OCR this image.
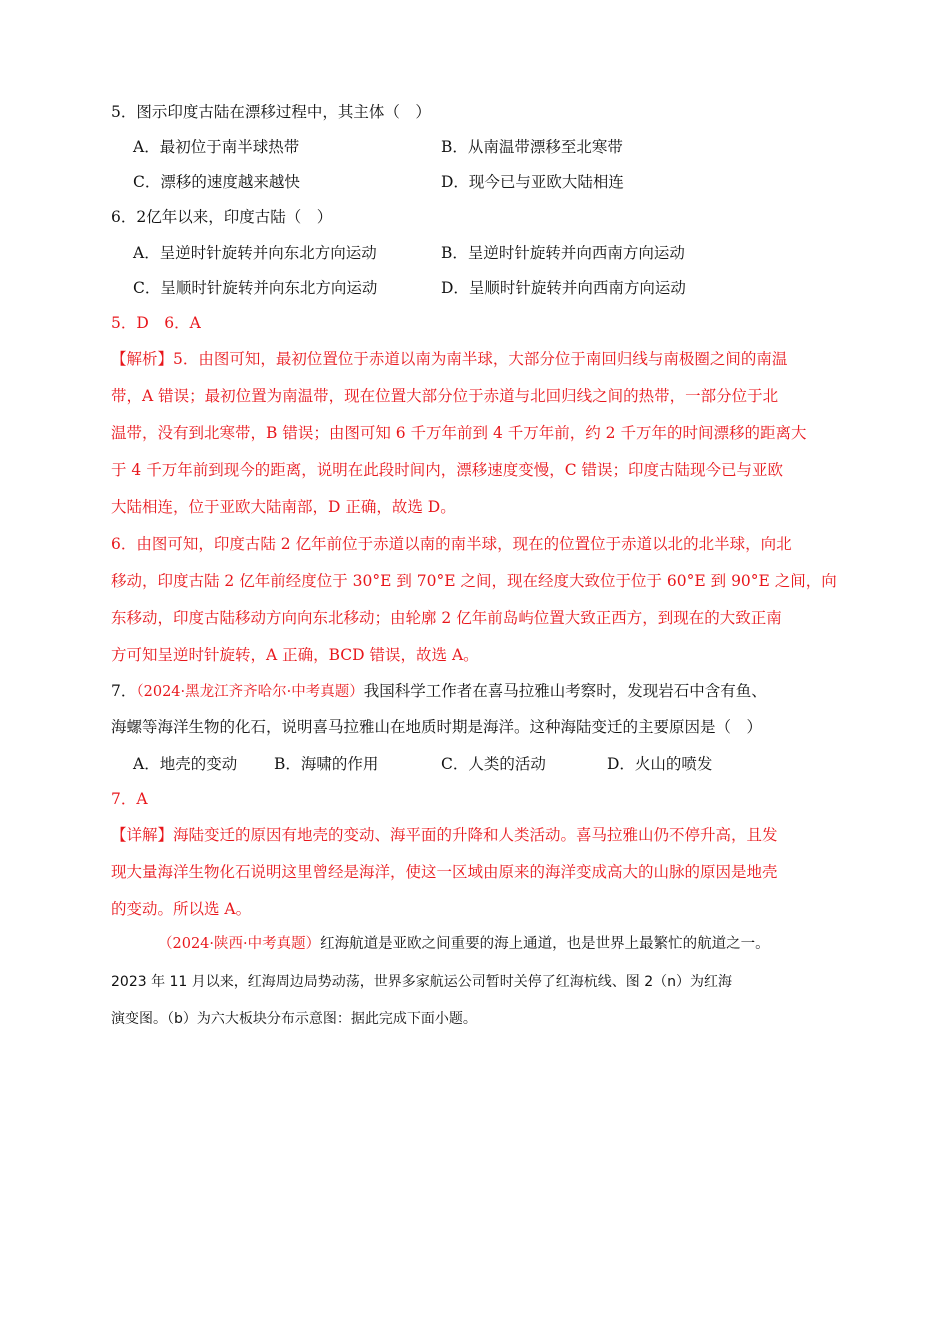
5．图示印度古陆在漂移过程中，其主体（　）
A．最初位于南半球热带	B．从南温带漂移至北寒带
C．漂移的速度越来越快	D．现今已与亚欧大陆相连
6．2亿年以来，印度古陆（　）
A．呈逆时针旋转并向东北方向运动	B．呈逆时针旋转并向西南方向运动
C．呈顺时针旋转并向东北方向运动	D．呈顺时针旋转并向西南方向运动
5．D　6．A
【解析】5．由图可知，最初位置位于赤道以南为南半球，大部分位于南回归线与南极圈之间的南温
带，A 错误；最初位置为南温带，现在位置大部分位于赤道与北回归线之间的热带，一部分位于北
温带，没有到北寒带，B 错误；由图可知 6 千万年前到 4 千万年前，约 2 千万年的时间漂移的距离大
于 4 千万年前到现今的距离，说明在此段时间内，漂移速度变慢，C 错误；印度古陆现今已与亚欧
大陆相连，位于亚欧大陆南部，D 正确，故选 D。
6．由图可知，印度古陆 2 亿年前位于赤道以南的南半球，现在的位置位于赤道以北的北半球，向北
移动，印度古陆 2 亿年前经度位于 30°E 到 70°E 之间，现在经度大致位于位于 60°E 到 90°E 之间，向
东移动，印度古陆移动方向向东北移动；由轮廓 2 亿年前岛屿位置大致正西方，到现在的大致正南
方可知呈逆时针旋转，A 正确，BCD 错误，故选 A。
7．（2024·黑龙江齐齐哈尔·中考真题）我国科学工作者在喜马拉雅山考察时，发现岩石中含有鱼、
海螺等海洋生物的化石，说明喜马拉雅山在地质时期是海洋。这种海陆变迁的主要原因是（　）
A．地壳的变动 B．海啸的作用	C．人类的活动	D．火山的喷发
7．A
【详解】海陆变迁的原因有地壳的变动、海平面的升降和人类活动。喜马拉雅山仍不停升高，且发
现大量海洋生物化石说明这里曾经是海洋，使这一区域由原来的海洋变成高大的山脉的原因是地壳
的变动。所以选 A。
（2024·陕西·中考真题）红海航道是亚欧之间重要的海上通道，也是世界上最繁忙的航道之一。
2023 年 11 月以来，红海周边局势动荡，世界多家航运公司暂时关停了红海杭线、图 2（n）为红海
演变图。（b）为六大板块分布示意图：据此完成下面小题。
